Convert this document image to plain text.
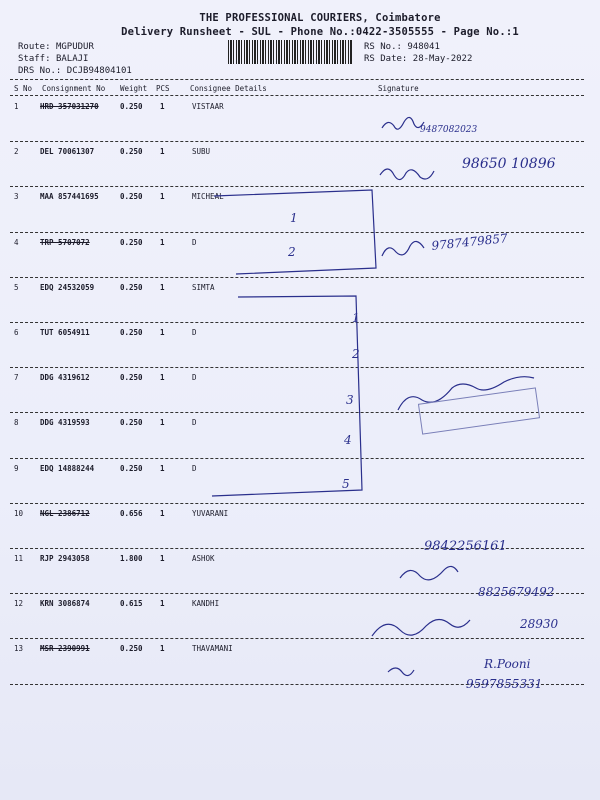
THE PROFESSIONAL COURIERS, Coimbatore
Delivery Runsheet - SUL - Phone No.:0422-3505555 - Page No.:1
Route: MGPUDUR
Staff: BALAJI
DRS No.: DCJB94804101
RS No.: 948041
RS Date: 28-May-2022
S No Consignment No Weight PCS	Consignee Details	Signature
1	HRD 357031270	0.250 1	VISTAAR
2	DEL 70061307	0.250 1	SUBU
3	MAA 857441695	0.250 1	MICHEAL
4	TRP 5707072	0.250 1	D
5	EDQ 24532059	0.250 1	SIMTA
6	TUT 6054911	0.250 1	D
7	DDG 4319612	0.250 1	D
8	DDG 4319593	0.250 1	D
9	EDQ 14888244	0.250 1	D
10 NGL 2386712	0.656 1	YUVARANI
11 RJP 2943058	1.800 1	ASHOK
12 KRN 3086874	0.615 1	KANDHI
13 MSR 2390991	0.250 1	THAVAMANI
9487082023
98650 10896
9787479857
1
2
1
2
3
4
5
9842256161
8825679492
28930
R.Pooni
9597855331
